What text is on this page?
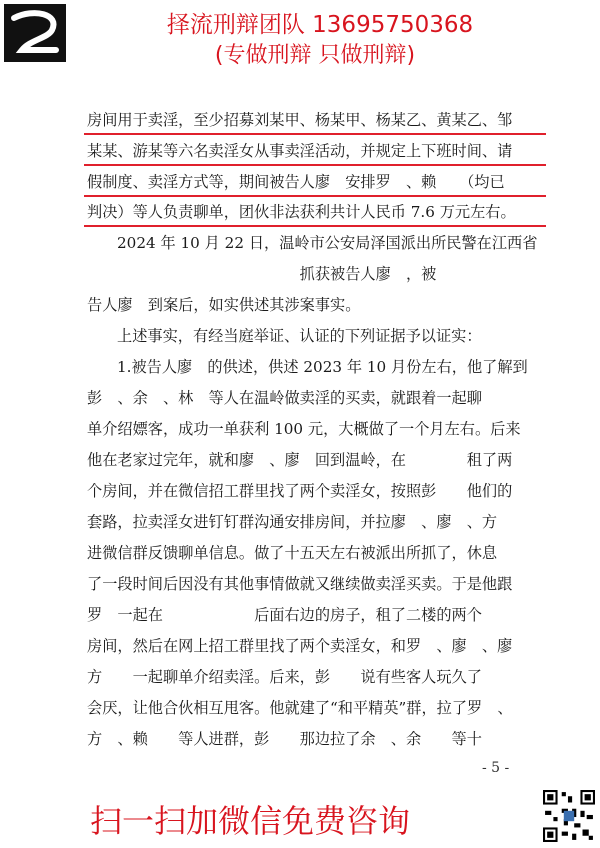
择流刑辩团队 13695750368
(专做刑辩 只做刑辩)
房间用于卖淫，至少招募刘某甲、杨某甲、杨某乙、黄某乙、邹
某某、游某等六名卖淫女从事卖淫活动，并规定上下班时间、请
假制度、卖淫方式等，期间被告人廖　安排罗　、赖　　（均已
判决）等人负责聊单，团伙非法获利共计人民币 7.6 万元左右。
2024 年 10 月 22 日，温岭市公安局泽国派出所民警在江西省
　　　　　　　　　　　　　　抓获被告人廖　，被
告人廖　到案后，如实供述其涉案事实。
上述事实，有经当庭举证、认证的下列证据予以证实：
1.被告人廖　的供述，供述 2023 年 10 月份左右，他了解到
彭　、余　、林　等人在温岭做卖淫的买卖，就跟着一起聊
单介绍嫖客，成功一单获利 100 元，大概做了一个月左右。后来
他在老家过完年，就和廖　、廖　回到温岭，在　　　　租了两
个房间，并在微信招工群里找了两个卖淫女，按照彭　　他们的
套路，拉卖淫女进钉钉群沟通安排房间，并拉廖　、廖　、方
进微信群反馈聊单信息。做了十五天左右被派出所抓了，休息
了一段时间后因没有其他事情做就又继续做卖淫买卖。于是他跟
罗　一起在　　　　　　后面右边的房子，租了二楼的两个
房间，然后在网上招工群里找了两个卖淫女，和罗　、廖　、廖
方　　一起聊单介绍卖淫。后来，彭　　说有些客人玩久了
会厌，让他合伙相互甩客。他就建了“和平精英”群，拉了罗　、
方　、赖　　等人进群，彭　　那边拉了余　、余　　等十
- 5 -
扫一扫加微信免费咨询
